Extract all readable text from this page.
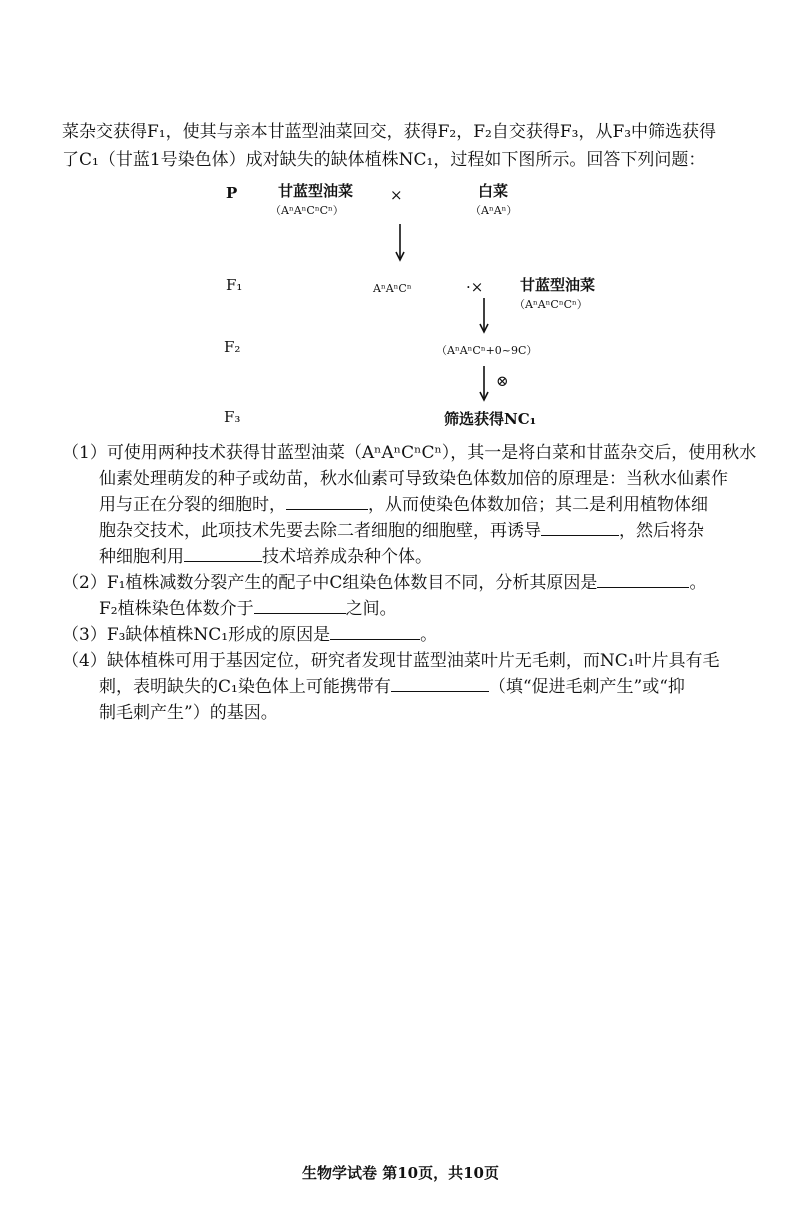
菜杂交获得F₁，使其与亲本甘蓝型油菜回交，获得F₂，F₂自交获得F₃，从F₃中筛选获得
了C₁（甘蓝1号染色体）成对缺失的缺体植株NC₁，过程如下图所示。回答下列问题：
P	甘蓝型油菜
（AⁿAⁿCⁿCⁿ）
×	白菜
（AⁿAⁿ）
F₁	AⁿAⁿCⁿ	·× 甘蓝型油菜
（AⁿAⁿCⁿCⁿ）
F₂	（AⁿAⁿCⁿ+0~9C）
⊗
F₃	筛选获得NC₁
（1）可使用两种技术获得甘蓝型油菜（AⁿAⁿCⁿCⁿ），其一是将白菜和甘蓝杂交后，使用秋水
仙素处理萌发的种子或幼苗，秋水仙素可导致染色体数加倍的原理是：当秋水仙素作
用与正在分裂的细胞时，	，从而使染色体数加倍；其二是利用植物体细
胞杂交技术，此项技术先要去除二者细胞的细胞壁，再诱导	，然后将杂
种细胞利用	技术培养成杂种个体。
（2）F₁植株减数分裂产生的配子中C组染色体数目不同，分析其原因是	。
F₂植株染色体数介于	之间。
（3）F₃缺体植株NC₁形成的原因是	。
（4）缺体植株可用于基因定位，研究者发现甘蓝型油菜叶片无毛刺，而NC₁叶片具有毛
刺，表明缺失的C₁染色体上可能携带有	（填“促进毛刺产生”或“抑
制毛刺产生”）的基因。
生物学试卷 第10页，共10页
